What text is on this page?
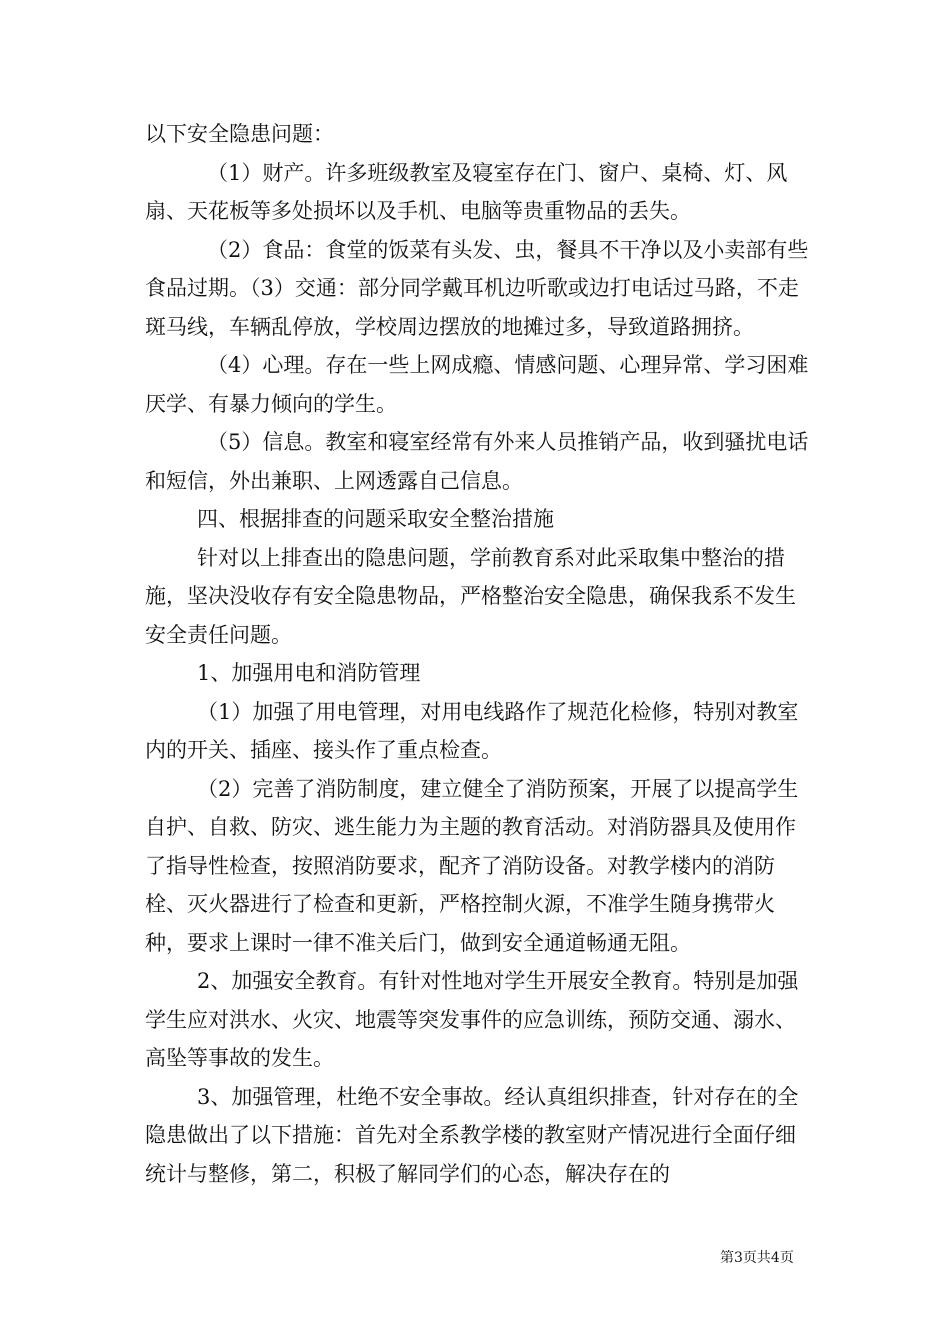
以下安全隐患问题：

（1）财产。许多班级教室及寝室存在门、窗户、桌椅、灯、风扇、天花板等多处损坏以及手机、电脑等贵重物品的丢失。

（2）食品：食堂的饭菜有头发、虫，餐具不干净以及小卖部有些食品过期。（3）交通：部分同学戴耳机边听歌或边打电话过马路，不走斑马线，车辆乱停放，学校周边摆放的地摊过多，导致道路拥挤。

（4）心理。存在一些上网成瘾、情感问题、心理异常、学习困难厌学、有暴力倾向的学生。

（5）信息。教室和寝室经常有外来人员推销产品，收到骚扰电话和短信，外出兼职、上网透露自己信息。

四、根据排查的问题采取安全整治措施

针对以上排查出的隐患问题，学前教育系对此采取集中整治的措施，坚决没收存有安全隐患物品，严格整治安全隐患，确保我系不发生安全责任问题。

1、加强用电和消防管理

（1）加强了用电管理，对用电线路作了规范化检修，特别对教室内的开关、插座、接头作了重点检查。

（2）完善了消防制度，建立健全了消防预案，开展了以提高学生自护、自救、防灾、逃生能力为主题的教育活动。对消防器具及使用作了指导性检查，按照消防要求，配齐了消防设备。对教学楼内的消防栓、灭火器进行了检查和更新，严格控制火源，不准学生随身携带火种，要求上课时一律不准关后门，做到安全通道畅通无阻。

2、加强安全教育。有针对性地对学生开展安全教育。特别是加强学生应对洪水、火灾、地震等突发事件的应急训练，预防交通、溺水、高坠等事故的发生。

3、加强管理，杜绝不安全事故。经认真组织排查，针对存在的全隐患做出了以下措施：首先对全系教学楼的教室财产情况进行全面仔细统计与整修，第二，积极了解同学们的心态，解决存在的

第3页共4页
